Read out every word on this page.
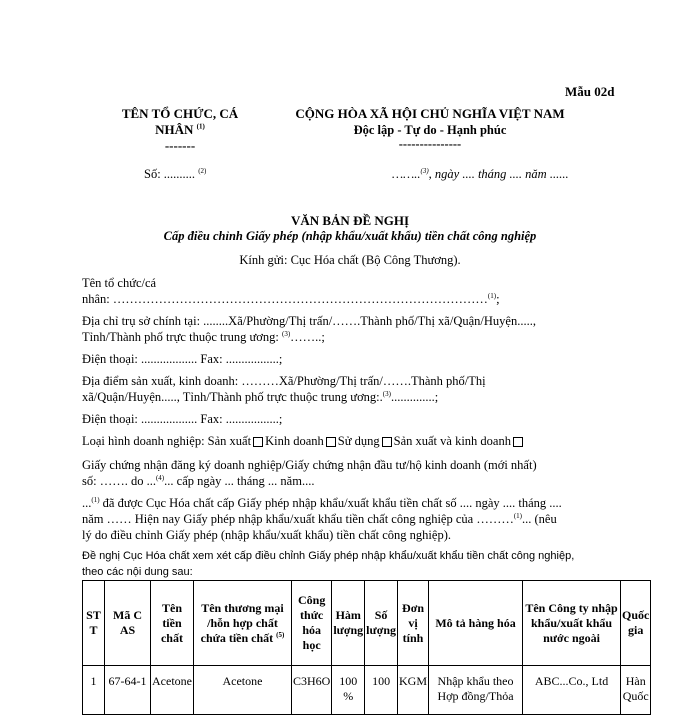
Mẫu 02d
TÊN TỔ CHỨC, CÁ
NHÂN $^{(1)}$
-------
CỘNG HÒA XÃ HỘI CHỦ NGHĨA VIỆT NAM
Độc lập - Tự do - Hạnh phúc
---------------
Số: .......... $^{(2)}$	……..$^{(3)}$, ngày .... tháng .... năm ......
VĂN BẢN ĐỀ NGHỊ
Cấp điều chỉnh Giấy phép (nhập khẩu/xuất khẩu) tiền chất công nghiệp
Kính gửi: Cục Hóa chất (Bộ Công Thương).
Tên tổ chức/cá
nhân: ………………………………………………………………………………$^{(1)}$;
Địa chỉ trụ sở chính tại: ........Xã/Phường/Thị trấn/…….Thành phố/Thị xã/Quận/Huyện.....,
Tỉnh/Thành phố trực thuộc trung ương: $^{(3)}$……..;
Điện thoại: .................. Fax: .................;
Địa điểm sản xuất, kinh doanh: ………Xã/Phường/Thị trấn/…….Thành phố/Thị
xã/Quận/Huyện....., Tỉnh/Thành phố trực thuộc trung ương:.$^{(3)}$..............;
Điện thoại: .................. Fax: .................;
Loại hình doanh nghiệp: Sản xuất Kinh doanh Sử dụng Sản xuất và kinh doanh
Giấy chứng nhận đăng ký doanh nghiệp/Giấy chứng nhận đầu tư/hộ kinh doanh (mới nhất)
số: ……. do ...$^{(4)}$... cấp ngày ... tháng ... năm....
...$^{(1)}$ đã được Cục Hóa chất cấp Giấy phép nhập khẩu/xuất khẩu tiền chất số .... ngày .... tháng ....
năm …… Hiện nay Giấy phép nhập khẩu/xuất khẩu tiền chất công nghiệp của ………$^{(1)}$... (nêu
lý do điều chỉnh Giấy phép (nhập khẩu/xuất khẩu) tiền chất công nghiệp).
Đề nghị Cục Hóa chất xem xét cấp điều chỉnh Giấy phép nhập khẩu/xuất khẩu tiền chất công nghiệp,
theo các nội dung sau:
ST T	Mã C AS	Tên tiền chất	Tên thương mại /hỗn hợp chất chứa tiền chất $^{(5)}$	Công thức hóa học	Hàm lượng	Số lượng	Đơn vị tính	Mô tả hàng hóa	Tên Công ty nhập khẩu/xuất khẩu nước ngoài	Quốc gia
1	67-64-1	Acetone	Acetone	C3H6O	100 %	100	KGM	Nhập khẩu theo Hợp đồng/Thỏa	ABC...Co., Ltd	Hàn Quốc
